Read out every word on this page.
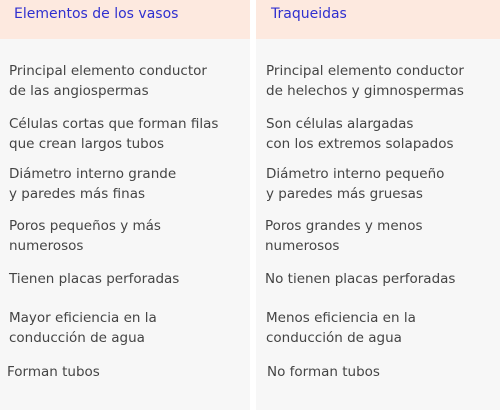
Elementos de los vasos
Principal elemento conductor
de las angiospermas
Células cortas que forman filas
que crean largos tubos
Diámetro interno grande
y paredes más finas
Poros pequeños y más
numerosos
Tienen placas perforadas
Mayor eficiencia en la
conducción de agua
Forman tubos
Traqueidas
Principal elemento conductor
de helechos y gimnospermas
Son células alargadas
con los extremos solapados
Diámetro interno pequeño
y paredes más gruesas
Poros grandes y menos
numerosos
No tienen placas perforadas
Menos eficiencia en la
conducción de agua
No forman tubos
